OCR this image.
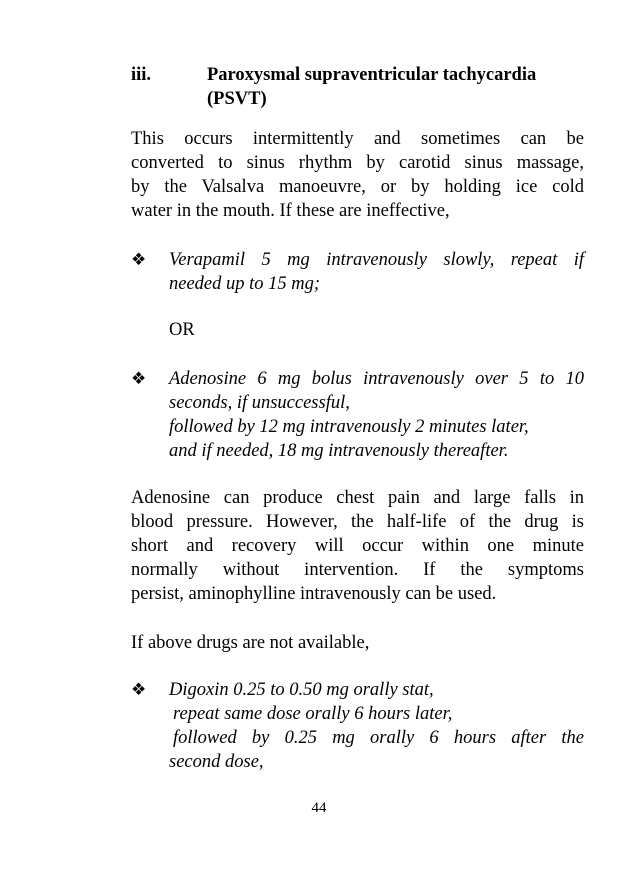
iii.	Paroxysmal supraventricular tachycardia
(PSVT)
This occurs intermittently and sometimes can be
converted to sinus rhythm by carotid sinus massage,
by the Valsalva manoeuvre, or by holding ice cold
water in the mouth. If these are ineffective,
❖ Verapamil 5 mg intravenously slowly, repeat if
needed up to 15 mg;
OR
❖ Adenosine 6 mg bolus intravenously over 5 to 10
seconds, if unsuccessful,
followed by 12 mg intravenously 2 minutes later,
and if needed, 18 mg intravenously thereafter.
Adenosine can produce chest pain and large falls in
blood pressure. However, the half-life of the drug is
short and recovery will occur within one minute
normally without intervention. If the symptoms
persist, aminophylline intravenously can be used.
If above drugs are not available,
❖ Digoxin 0.25 to 0.50 mg orally stat,
repeat same dose orally 6 hours later,
followed by 0.25 mg orally 6 hours after the
second dose,
44
